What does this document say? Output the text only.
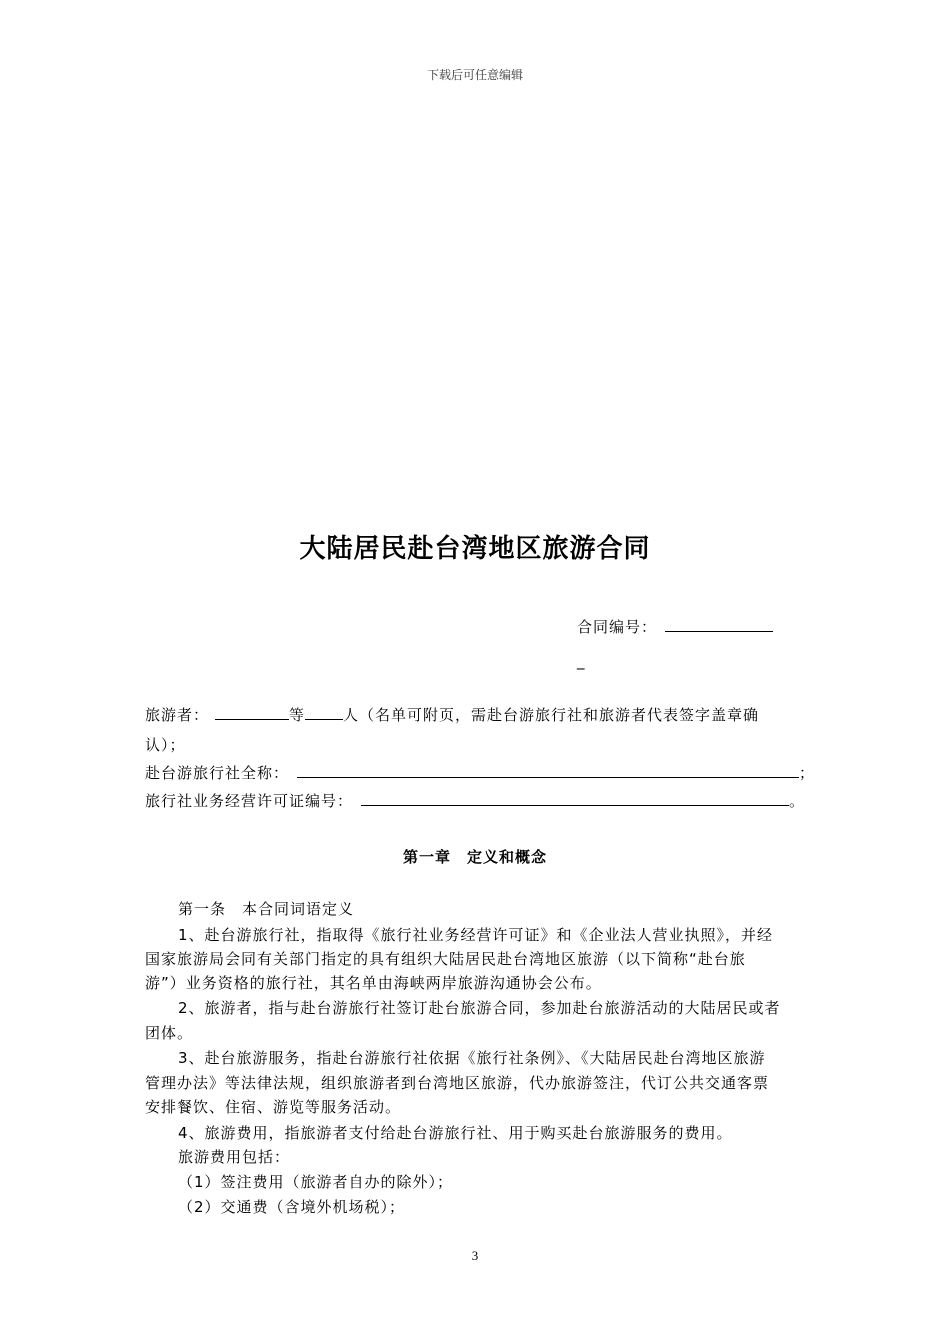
下载后可任意编辑
大陆居民赴台湾地区旅游合同
合同编号：
_
旅游者：	等	人（名单可附页，需赴台游旅行社和旅游者代表签字盖章确
认）；
赴台游旅行社全称：	；
旅行社业务经营许可证编号：	。
第一章　定义和概念
第一条　本合同词语定义
1、赴台游旅行社，指取得《旅行社业务经营许可证》和《企业法人营业执照》，并经
国家旅游局会同有关部门指定的具有组织大陆居民赴台湾地区旅游（以下简称“赴台旅
游”）业务资格的旅行社，其名单由海峡两岸旅游沟通协会公布。
2、旅游者，指与赴台游旅行社签订赴台旅游合同，参加赴台旅游活动的大陆居民或者
团体。
3、赴台旅游服务，指赴台游旅行社依据《旅行社条例》、《大陆居民赴台湾地区旅游
管理办法》等法律法规，组织旅游者到台湾地区旅游，代办旅游签注，代订公共交通客票
安排餐饮、住宿、游览等服务活动。
4、旅游费用，指旅游者支付给赴台游旅行社、用于购买赴台旅游服务的费用。
旅游费用包括：
（1）签注费用（旅游者自办的除外）；
（2）交通费（含境外机场税）；
3
